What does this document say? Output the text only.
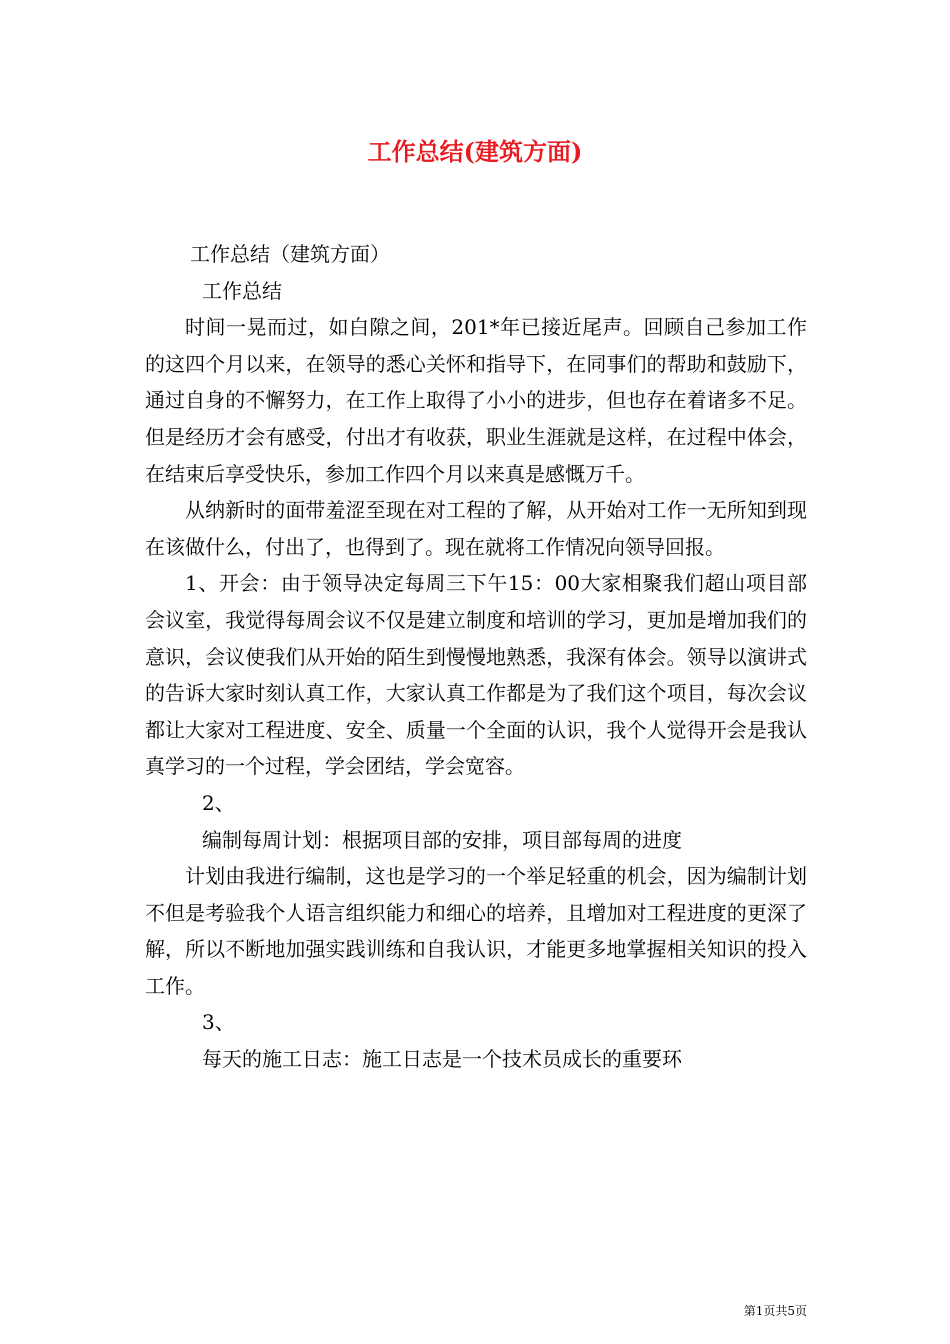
工作总结(建筑方面)

工作总结（建筑方面）

工作总结

时间一晃而过，如白隙之间，201*年已接近尾声。回顾自己参加工作的这四个月以来，在领导的悉心关怀和指导下，在同事们的帮助和鼓励下，通过自身的不懈努力，在工作上取得了小小的进步，但也存在着诸多不足。但是经历才会有感受，付出才有收获，职业生涯就是这样，在过程中体会，在结束后享受快乐，参加工作四个月以来真是感慨万千。

从纳新时的面带羞涩至现在对工程的了解，从开始对工作一无所知到现在该做什么，付出了，也得到了。现在就将工作情况向领导回报。

1、开会：由于领导决定每周三下午15：00大家相聚我们超山项目部会议室，我觉得每周会议不仅是建立制度和培训的学习，更加是增加我们的意识，会议使我们从开始的陌生到慢慢地熟悉，我深有体会。领导以演讲式的告诉大家时刻认真工作，大家认真工作都是为了我们这个项目，每次会议都让大家对工程进度、安全、质量一个全面的认识，我个人觉得开会是我认真学习的一个过程，学会团结，学会宽容。

2、

编制每周计划：根据项目部的安排，项目部每周的进度

计划由我进行编制，这也是学习的一个举足轻重的机会，因为编制计划不但是考验我个人语言组织能力和细心的培养，且增加对工程进度的更深了解，所以不断地加强实践训练和自我认识，才能更多地掌握相关知识的投入工作。

3、

每天的施工日志：施工日志是一个技术员成长的重要环

第1页共5页
